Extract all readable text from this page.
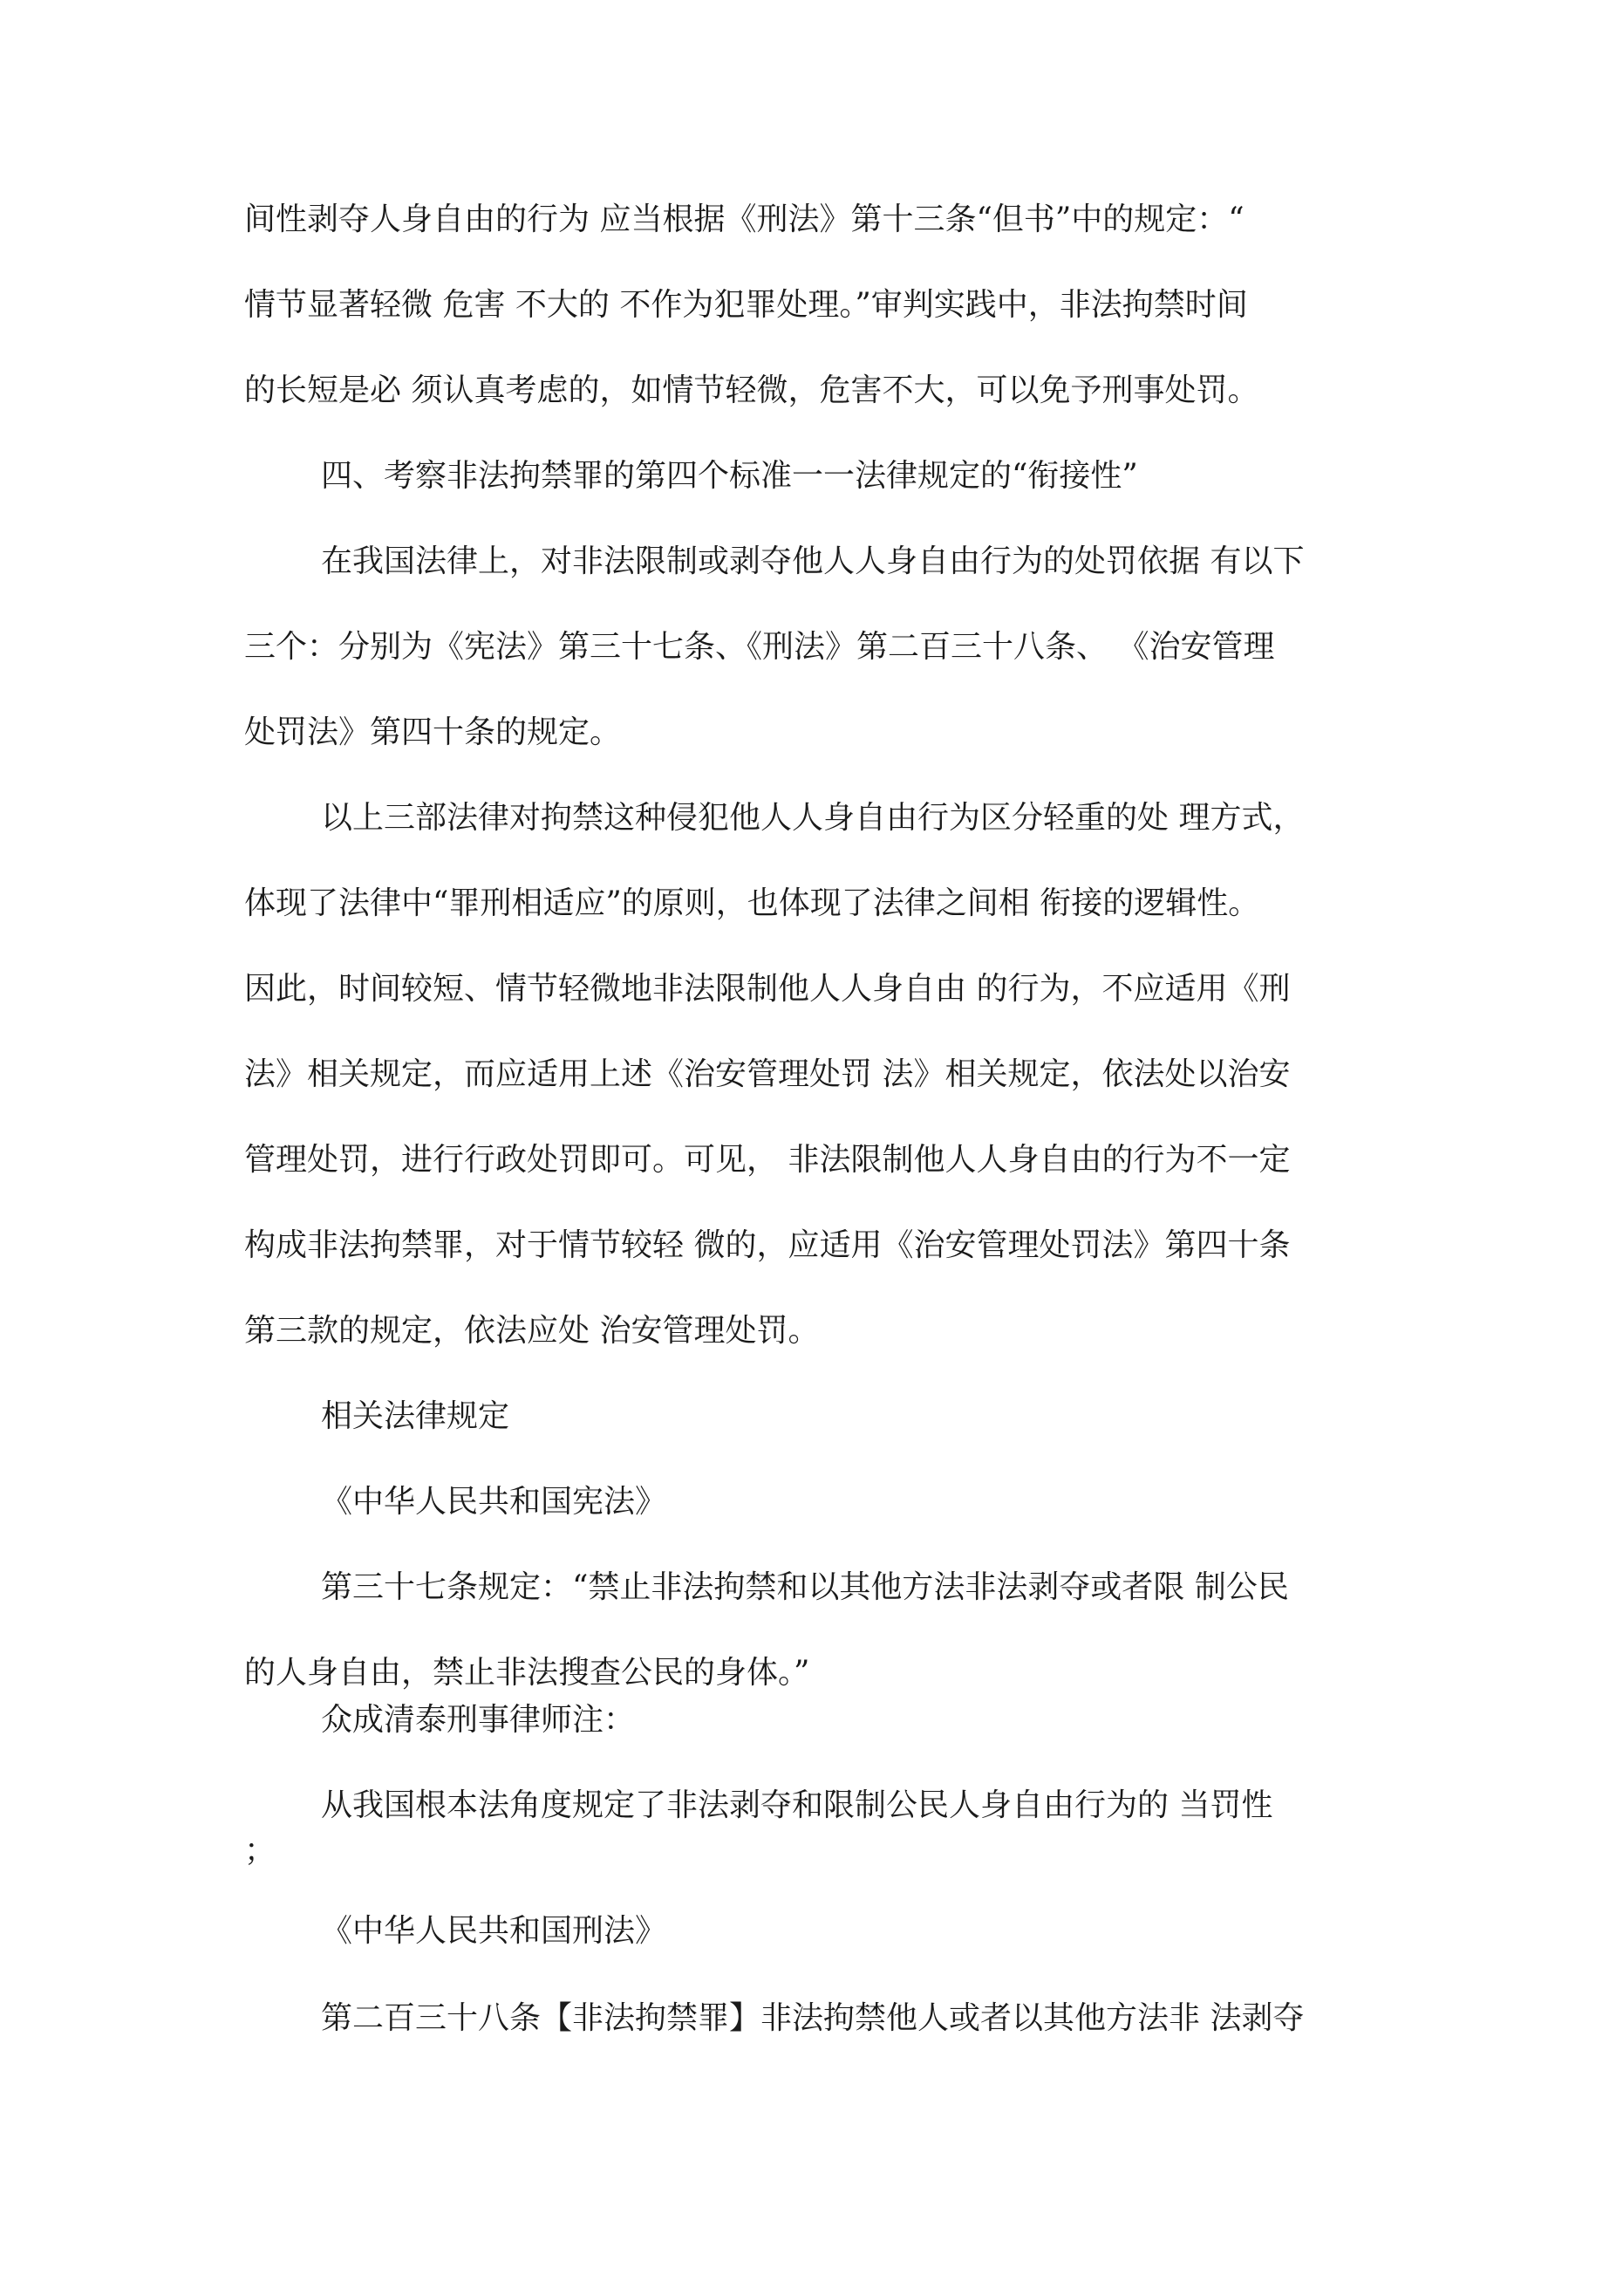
间性剥夺人身自由的行为 应当根据《刑法》第十三条“但书”中的规定：“

情节显著轻微 危害 不大的 不作为犯罪处理。”审判实践中，非法拘禁时间

的长短是必 须认真考虑的，如情节轻微，危害不大，可以免予刑事处罚。

四、考察非法拘禁罪的第四个标准一一法律规定的“衔接性”

在我国法律上，对非法限制或剥夺他人人身自由行为的处罚依据 有以下

三个：分别为《宪法》第三十七条、《刑法》第二百三十八条、 《治安管理

处罚法》第四十条的规定。

以上三部法律对拘禁这种侵犯他人人身自由行为区分轻重的处 理方式，

体现了法律中“罪刑相适应”的原则，也体现了法律之间相 衔接的逻辑性。

因此，时间较短、情节轻微地非法限制他人人身自由 的行为，不应适用《刑

法》相关规定，而应适用上述《治安管理处罚 法》相关规定，依法处以治安

管理处罚，进行行政处罚即可。可见， 非法限制他人人身自由的行为不一定

构成非法拘禁罪，对于情节较轻 微的，应适用《治安管理处罚法》第四十条

第三款的规定，依法应处 治安管理处罚。

相关法律规定

《中华人民共和国宪法》

第三十七条规定：“禁止非法拘禁和以其他方法非法剥夺或者限 制公民

的人身自由，禁止非法搜查公民的身体。”

众成清泰刑事律师注：

从我国根本法角度规定了非法剥夺和限制公民人身自由行为的 当罚性

；

《中华人民共和国刑法》

第二百三十八条【非法拘禁罪】非法拘禁他人或者以其他方法非 法剥夺
